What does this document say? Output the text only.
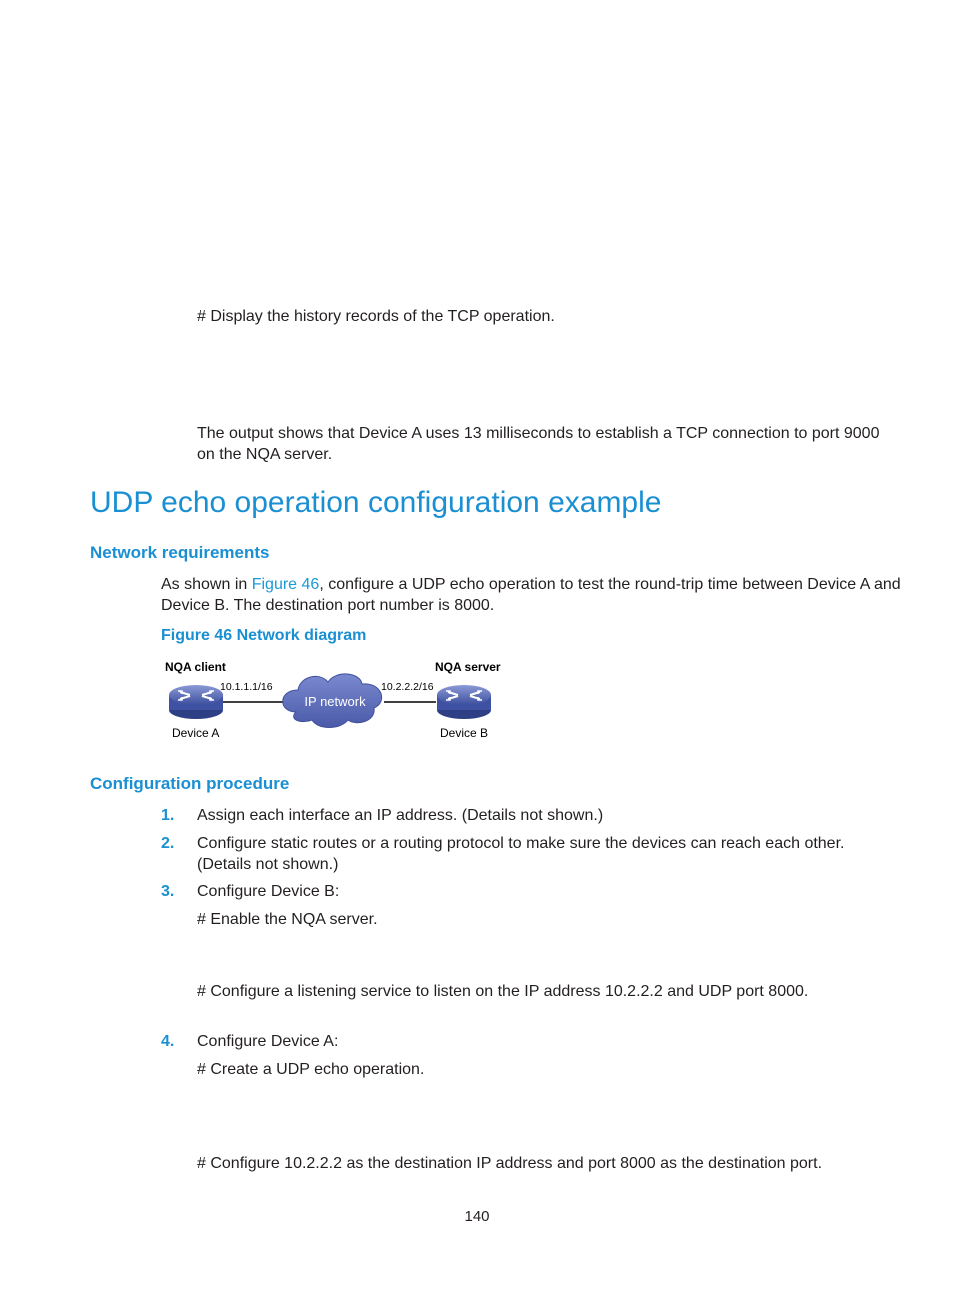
# Display the history records of the TCP operation.
The output shows that Device A uses 13 milliseconds to establish a TCP connection to port 9000
on the NQA server.
UDP echo operation configuration example
Network requirements
As shown in Figure 46, configure a UDP echo operation to test the round-trip time between Device A and
Device B. The destination port number is 8000.
Figure 46 Network diagram
NQA client	NQA server
10.1.1.1/16	10.2.2.2/16
IP network
Device A	Device B
Configuration procedure
1. Assign each interface an IP address. (Details not shown.)
2. Configure static routes or a routing protocol to make sure the devices can reach each other.
(Details not shown.)
3. Configure Device B:
# Enable the NQA server.
# Configure a listening service to listen on the IP address 10.2.2.2 and UDP port 8000.
4. Configure Device A:
# Create a UDP echo operation.
# Configure 10.2.2.2 as the destination IP address and port 8000 as the destination port.
140
